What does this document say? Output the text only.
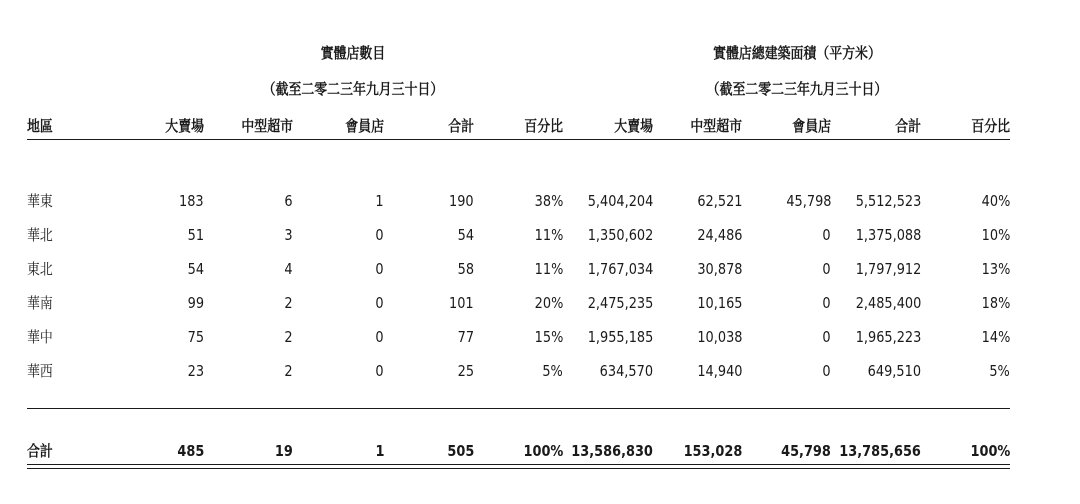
實體店數目
（截至二零二三年九月三十日）
實體店總建築面積（平方米）
（截至二零二三年九月三十日）
地區	大賣場 中型超市	會員店	合計	百分比	大賣場 中型超市	會員店	合計	百分比
華東	183	6	1	190	38% 5,404,204	62,521	45,798 5,512,523	40%
華北	51	3	0	54	11% 1,350,602	24,486	0 1,375,088	10%
東北	54	4	0	58	11% 1,767,034	30,878	0 1,797,912	13%
華南	99	2	0	101	20% 2,475,235	10,165	0 2,485,400	18%
華中	75	2	0	77	15% 1,955,185	10,038	0 1,965,223	14%
華西	23	2	0	25	5% 634,570	14,940	0 649,510	5%
合計	485	19	1	505	100% 13,586,830 153,028	45,798 13,785,656	100%
